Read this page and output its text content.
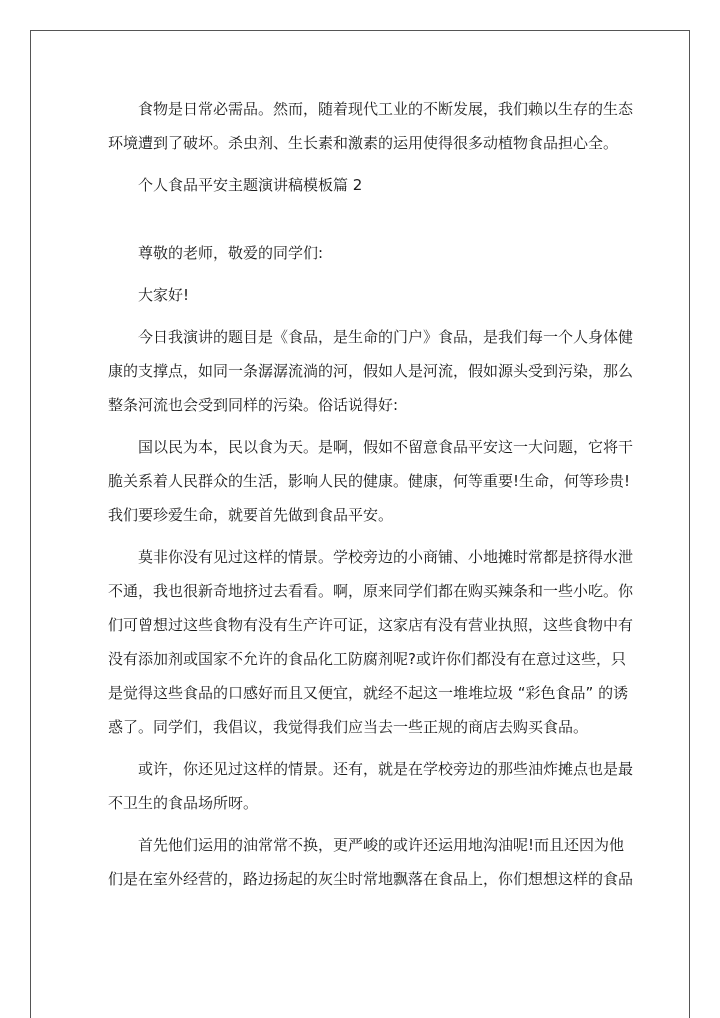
食物是日常必需品。然而，随着现代工业的不断发展，我们赖以生存的生态
环境遭到了破坏。杀虫剂、生长素和激素的运用使得很多动植物食品担心全。
个人食品平安主题演讲稿模板篇 2
尊敬的老师，敬爱的同学们:
大家好!
今日我演讲的题目是《食品，是生命的门户》食品，是我们每一个人身体健
康的支撑点，如同一条潺潺流淌的河，假如人是河流，假如源头受到污染，那么
整条河流也会受到同样的污染。俗话说得好:
国以民为本，民以食为天。是啊，假如不留意食品平安这一大问题，它将干
脆关系着人民群众的生活，影响人民的健康。健康，何等重要!生命，何等珍贵!
我们要珍爱生命，就要首先做到食品平安。
莫非你没有见过这样的情景。学校旁边的小商铺、小地摊时常都是挤得水泄
不通，我也很新奇地挤过去看看。啊，原来同学们都在购买辣条和一些小吃。你
们可曾想过这些食物有没有生产许可证，这家店有没有营业执照，这些食物中有
没有添加剂或国家不允许的食品化工防腐剂呢?或许你们都没有在意过这些，只
是觉得这些食品的口感好而且又便宜，就经不起这一堆堆垃圾 “彩色食品” 的诱
惑了。同学们，我倡议，我觉得我们应当去一些正规的商店去购买食品。
或许，你还见过这样的情景。还有，就是在学校旁边的那些油炸摊点也是最
不卫生的食品场所呀。
首先他们运用的油常常不换，更严峻的或许还运用地沟油呢!而且还因为他
们是在室外经营的，路边扬起的灰尘时常地飘落在食品上，你们想想这样的食品
